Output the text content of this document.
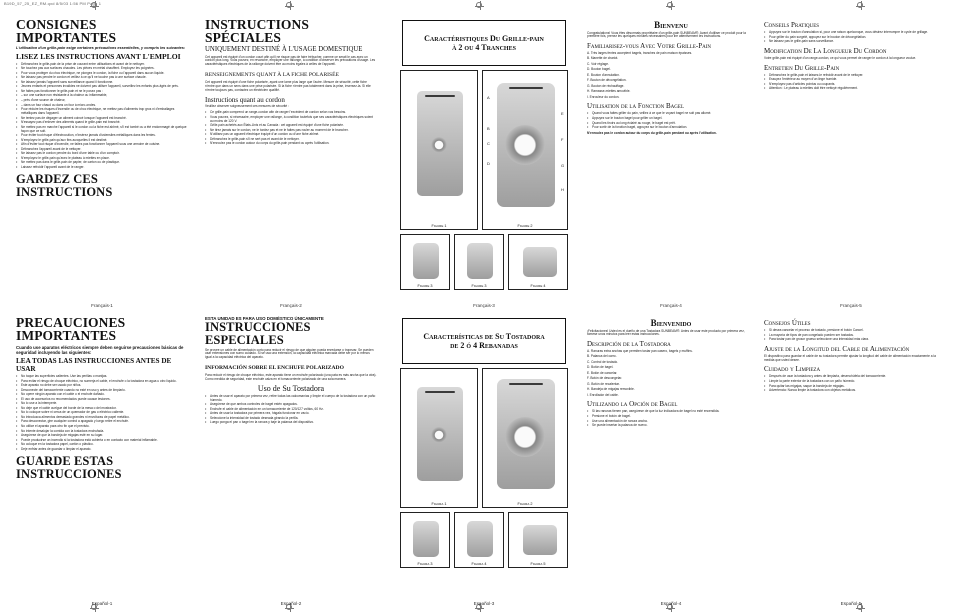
B19D_57_25_EZ_RM.qxd 8/5/03 1:56 PM Page 1
CONSIGNES IMPORTANTES
L'utilisation d'un grille-pain exige certaines précautions essentielles, y compris les suivantes:
LISEZ LES INSTRUCTIONS AVANT L'EMPLOI
• Débranchez le grille-pain de la prise de courant entre utilisations et avant de le nettoyer.
• Ne touchez pas aux surfaces chaudes. Les pièces en métal chauffent. Employez les poignées.
• Pour vous protéger du choc électrique, ne plongez le cordon, la fiche ou l'appareil dans aucun liquide.
• Ne laissez pas pendre le cordon et veillez à ce qu'il ne touche pas à une surface chaude.
• Ne laissez jamais l'appareil sans surveillance quand il fonctionne.
• Jeunes enfants et personnes invalides ne doivent pas utiliser l'appareil, surveillez les enfants plus âgés de près.
• Ne faites pas fonctionner le grille-pain et ne le posez pas :
• – sur une surface non résistante à la chaleur ou inflammable,
• – près d'une source de chaleur,
• – dans un four chaud ou dans un four à micro-ondes.
• Pour réduire les risques d'incendie ou de choc électrique, ne mettez pas d'aliments trop gros ni d'emballages métalliques dans l'appareil.
• Ne tentez pas de dégager un aliment coincé lorsque l'appareil est branché.
• N'essayez pas d'enlever des aliments quand le grille-pain est branché.
• Ne mettez pas en marche l'appareil si le cordon ou la fiche est abîmé, s'il est tombé ou a été endommagé de quelque façon que ce soit.
• Pour éviter tout risque d'électrocution, n'insérez jamais d'ustensiles métalliques dans les fentes.
• N'employez le grille-pain qu'aux fins auxquelles il est destiné.
• Afin d'éviter tout risque d'incendie, ne faites pas fonctionner l'appareil sous une armoire de cuisine.
• Débranchez l'appareil avant de le nettoyer.
• Ne laissez pas le cordon pendre du bord d'une table ou d'un comptoir.
• N'employez le grille-pain qu'avec le plateau à miettes en place.
• Ne mettez pas dans le grille-pain de papier, de carton ou de plastique.
• Laissez refroidir l'appareil avant de le ranger.
GARDEZ CES INSTRUCTIONS
Français-1
PRECAUCIONES IMPORTANTES
Cuando use aparatos eléctricos siempre deben seguirse precauciones básicas de seguridad incluyendo las siguientes:
LEA TODAS LAS INSTRUCCIONES ANTES DE USAR
• No toque las superficies calientes. Use las perillas o manijas.
• Para evitar el riesgo de choque eléctrico, no sumerja el cable, el enchufe o la tostadora en agua u otro líquido.
• Este aparato no debe ser usado por niños.
• Desconecte del tomacorriente cuando no esté en uso y antes de limpiarlo.
• No opere ningún aparato con el cable o el enchufe dañado.
• El uso de accesorios no recomendados puede causar lesiones.
• No lo use a la intemperie.
• No deje que el cable cuelgue del borde de la mesa o del mostrador.
• No lo coloque sobre ni cerca de un quemador de gas o eléctrico caliente.
• No introduzca alimentos demasiado grandes ni envolturas de papel metálico.
• Para desconectar, gire cualquier control a apagado y luego retire el enchufe.
• No utilice el aparato para otro fin que el previsto.
• No intente desalojar la comida con la tostadora enchufada.
• Asegúrese de que la bandeja de migajas esté en su lugar.
• Puede producirse un incendio si la tostadora está cubierta o en contacto con material inflamable.
• No coloque en la tostadora papel, cartón o plástico.
• Deje enfriar antes de guardar o limpiar el aparato.
GUARDE ESTAS INSTRUCCIONES
Español-1
INSTRUCTIONS SPÉCIALES
UNIQUEMENT DESTINÉ À L'USAGE DOMESTIQUE

Cet appareil est équipé d'un cordon court afin qu'il ne risque pas de faire trébucher, comme ce serait le cas avec un cordon plus long. Vous pouvez, en revanche, employer une rallonge, à condition d'observer les précautions d'usage. Les caractéristiques électriques de la rallonge doivent être au moins égales à celles de l'appareil.

RENSEIGNEMENTS QUANT À LA FICHE POLARISÉE

Cet appareil est équipé d'une fiche polarisée, ayant une lame plus large que l'autre. Mesure de sécurité, cette fiche n'entre que dans un sens dans une prise polarisée. Si la fiche n'entre pas totalement dans la prise, inversez-la. Si elle n'entre toujours pas, contactez un électricien qualifié.

Instructions quant au cordon

Veuillez observer soigneusement ces mesures de sécurité :

• Ce grille-pain comprend un range-cordon afin de ranger l'excédent de cordon selon vos besoins.
• Vous pouvez, si nécessaire, employer une rallonge, à condition toutefois que ses caractéristiques électriques soient au moins de 120 V.
• Grille-pain achetés aux États-Unis et au Canada : cet appareil est équipé d'une fiche polarisée.
• Ne tirez jamais sur le cordon, ne le tordez pas et ne le faites pas rouler au moment de le brancher.
• N'utilisez pas un appareil électrique équipé d'un cordon ou d'une fiche abîmé.
• Débranchez le grille-pain s'il ne sert pas et avant de le nettoyer.
• N'enroulez pas le cordon autour du corps du grille-pain pendant ou après l'utilisation.
Français-2
ESTA UNIDAD ES PARA USO DOMÉSTICO ÚNICAMENTE
INSTRUCCIONES ESPECIALES

Se provee un cable de alimentación corto para reducir el riesgo de que alguien pueda enredarse o tropezar. Se pueden usar extensiones con sumo cuidado. Si se usa una extensión, la capacidad eléctrica marcada debe ser por lo menos igual a la capacidad eléctrica del aparato.

INFORMACIÓN SOBRE EL ENCHUFE POLARIZADO

Para reducir el riesgo de choque eléctrico, este aparato tiene un enchufe polarizado (una pata es más ancha que la otra). Como medida de seguridad, este enchufe calza en el tomacorriente polarizado de una sola manera.

Uso de Su Tostadora
• Antes de usar el aparato por primera vez, retire todas las calcomanías y limpie el cuerpo de la tostadora con un paño húmedo.
• Asegúrese de que ambos controles de bagel estén apagados.
• Enchufe el cable de alimentación en un tomacorriente de 120/127 voltios, 60 Hz.
• Antes de usar la tostadora por primera vez, hágala funcionar en vacío.
• Seleccione la intensidad de tostado deseada girando la perilla.
• Luego ponga el pan o bagel en la ranura y baje la palanca del dispositivo.
Español-2
Caractéristiques Du Grille-pain
à 2 ou 4 Tranches
Figure 1
A
B
C
D
E
F
G
H
Figure 2
Figure 3	Figure 3	Figure 4
Français-3
Características de Su Tostadora
de 2 ó 4 Rebanadas
Figura 1	Figura 2
Figura 3	Figura 4	Figura 5
Español-3
Bienvenu

Congratulations! Vous êtes désormais propriétaire d'un grille-pain SUNBEAM®. Avant d'utiliser ce produit pour la première fois, prenez les quelques minutes nécessaires pour lire attentivement les instructions.

Familiarisez-vous Avec Votre Grille-Pain

A. Très larges fentes acceptent bagels, tranches de pain maison épaisses.

B. Manette de chariot.

C. Voir réglage.

D. Bouton bagel.

E. Bouton d'annulation.

F. Bouton de décongélation.

G. Bouton de réchauffage.

H. Ramasse-miettes amovible.

I. Enrouleur du cordon.

Utilisation de la Fonction Bagel
• Quand vous faites griller du pain, veillez à ce que le voyant bagel ne soit pas allumé.
• Appuyez sur le bouton bagel pour griller un bagel.
• Quand les tiroirs au long éclairé au rouge, le bagel est prêt.
• Pour sortir de la fonction bagel, appuyez sur le bouton d'annulation.

N'enroulez pas le cordon autour du corps du grille-pain pendant ou après l'utilisation.

Français-4
Bienvenido

¡Felicitaciones! Usted es el dueño de una Tostadora SUNBEAM®. Antes de usar este producto por primera vez, tómese unos minutos para leer estas instrucciones.

Descripción de la Tostadora

A. Ranuras extra anchas que permiten tostar pan casero, bagels y muffins.

B. Palanca del carro.

C. Control de tostado.

D. Botón de bagel.

E. Botón de cancelar.

F. Botón de descongelar.

G. Botón de recalentar.

H. Bandeja de migajas removible.

I. Enrollador del cable.

Utilizando la Opción de Bagel
• Si las ranuras tienen pan, asegúrese de que la luz indicadora de bagel no esté encendida.
• Presione el botón de bagel.
• Use una alimentación de ranura ancha.
• Se puede insertar la palanca de nuevo.
Español-4
Conseils Pratiques
• Appuyez sur le bouton d'annulation si, pour une raison quelconque, vous désirez interrompre le cycle de grillage.
• Pour griller du pain surgelé, appuyez sur le bouton de décongélation.
• Ne laissez pas le grille-pain sans surveillance.
Modification De La Longueur Du Cordon

Votre grille-pain est équipé d'un range-cordon, ce qui vous permet de ranger le cordon à la longueur voulue.

Entretien Du Grille-Pain
• Débranchez le grille-pain et laissez-le refroidir avant de le nettoyer.
• Essuyez l'extérieur au moyen d'un linge humide.
• N'employez pas d'articles pointus ou coupants.
• Attention : Le plateau à miettes doit être nettoyé régulièrement.
Français-5
Consejos Útiles
• Si desea cancelar el proceso de tostado, presione el botón Cancel.
• La mayoría de tipos de pan congelado pueden ser tostados.
• Para tostar pan de grosor grueso seleccione una intensidad más clara.
Ajuste de la Longitud del Cable de Alimentación

El dispositivo para guardar el cable de su tostadora permite ajustar la longitud del cable de alimentación exactamente a la medida que usted desee.

Cuidado y Limpieza
• Después de usar la tostadora y antes de limpiarla, desenchúfela del tomacorriente.
• Limpie la parte exterior de la tostadora con un paño húmedo.
• Para quitar las migajas, saque la bandeja de migajas.
• Advertencia: Nunca limpie la tostadora con objetos metálicos.
Español-5
